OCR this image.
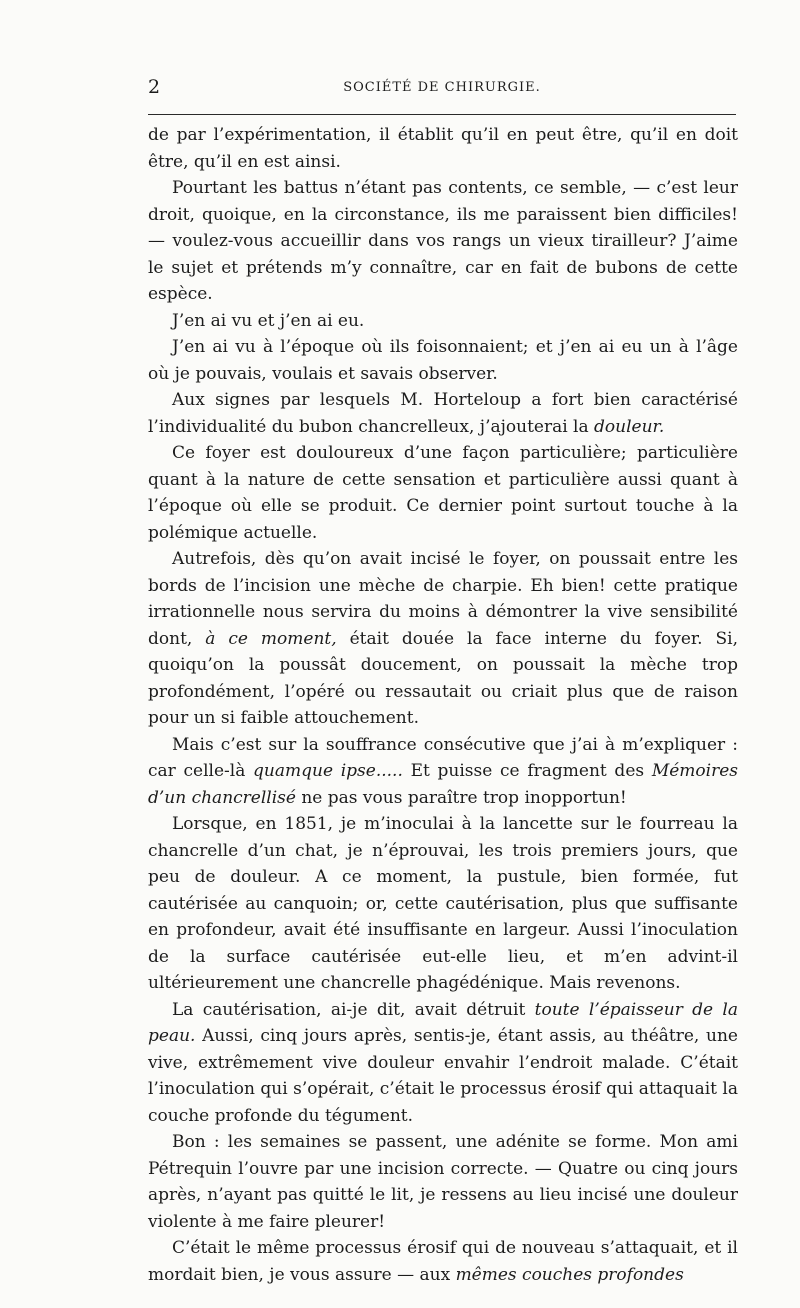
2	SOCIÉTÉ DE CHIRURGIE.

de par l’expérimentation, il établit qu’il en peut être, qu’il en doit être, qu’il en est ainsi.

Pourtant les battus n’étant pas contents, ce semble, — c’est leur droit, quoique, en la circonstance, ils me paraissent bien difficiles! — voulez-vous accueillir dans vos rangs un vieux tirailleur? J’aime le sujet et prétends m’y connaître, car en fait de bubons de cette espèce.

J’en ai vu et j’en ai eu.

J’en ai vu à l’époque où ils foisonnaient; et j’en ai eu un à l’âge où je pouvais, voulais et savais observer.

Aux signes par lesquels M. Horteloup a fort bien caractérisé l’individualité du bubon chancrelleux, j’ajouterai la douleur.

Ce foyer est douloureux d’une façon particulière; particulière quant à la nature de cette sensation et particulière aussi quant à l’époque où elle se produit. Ce dernier point surtout touche à la polémique actuelle.

Autrefois, dès qu’on avait incisé le foyer, on poussait entre les bords de l’incision une mèche de charpie. Eh bien! cette pratique irrationnelle nous servira du moins à démontrer la vive sensibilité dont, à ce moment, était douée la face interne du foyer. Si, quoiqu’on la poussât doucement, on poussait la mèche trop profondément, l’opéré ou ressautait ou criait plus que de raison pour un si faible attouchement.

Mais c’est sur la souffrance consécutive que j’ai à m’expliquer : car celle-là quamque ipse..... Et puisse ce fragment des Mémoires d’un chancrellisé ne pas vous paraître trop inopportun!

Lorsque, en 1851, je m’inoculai à la lancette sur le fourreau la chancrelle d’un chat, je n’éprouvai, les trois premiers jours, que peu de douleur. A ce moment, la pustule, bien formée, fut cautérisée au canquoin; or, cette cautérisation, plus que suffisante en profondeur, avait été insuffisante en largeur. Aussi l’inoculation de la surface cautérisée eut-elle lieu, et m’en advint-il ultérieurement une chancrelle phagédénique. Mais revenons.

La cautérisation, ai-je dit, avait détruit toute l’épaisseur de la peau. Aussi, cinq jours après, sentis-je, étant assis, au théâtre, une vive, extrêmement vive douleur envahir l’endroit malade. C’était l’inoculation qui s’opérait, c’était le processus érosif qui attaquait la couche profonde du tégument.

Bon : les semaines se passent, une adénite se forme. Mon ami Pétrequin l’ouvre par une incision correcte. — Quatre ou cinq jours après, n’ayant pas quitté le lit, je ressens au lieu incisé une douleur violente à me faire pleurer!

C’était le même processus érosif qui de nouveau s’attaquait, et il mordait bien, je vous assure — aux mêmes couches profondes
